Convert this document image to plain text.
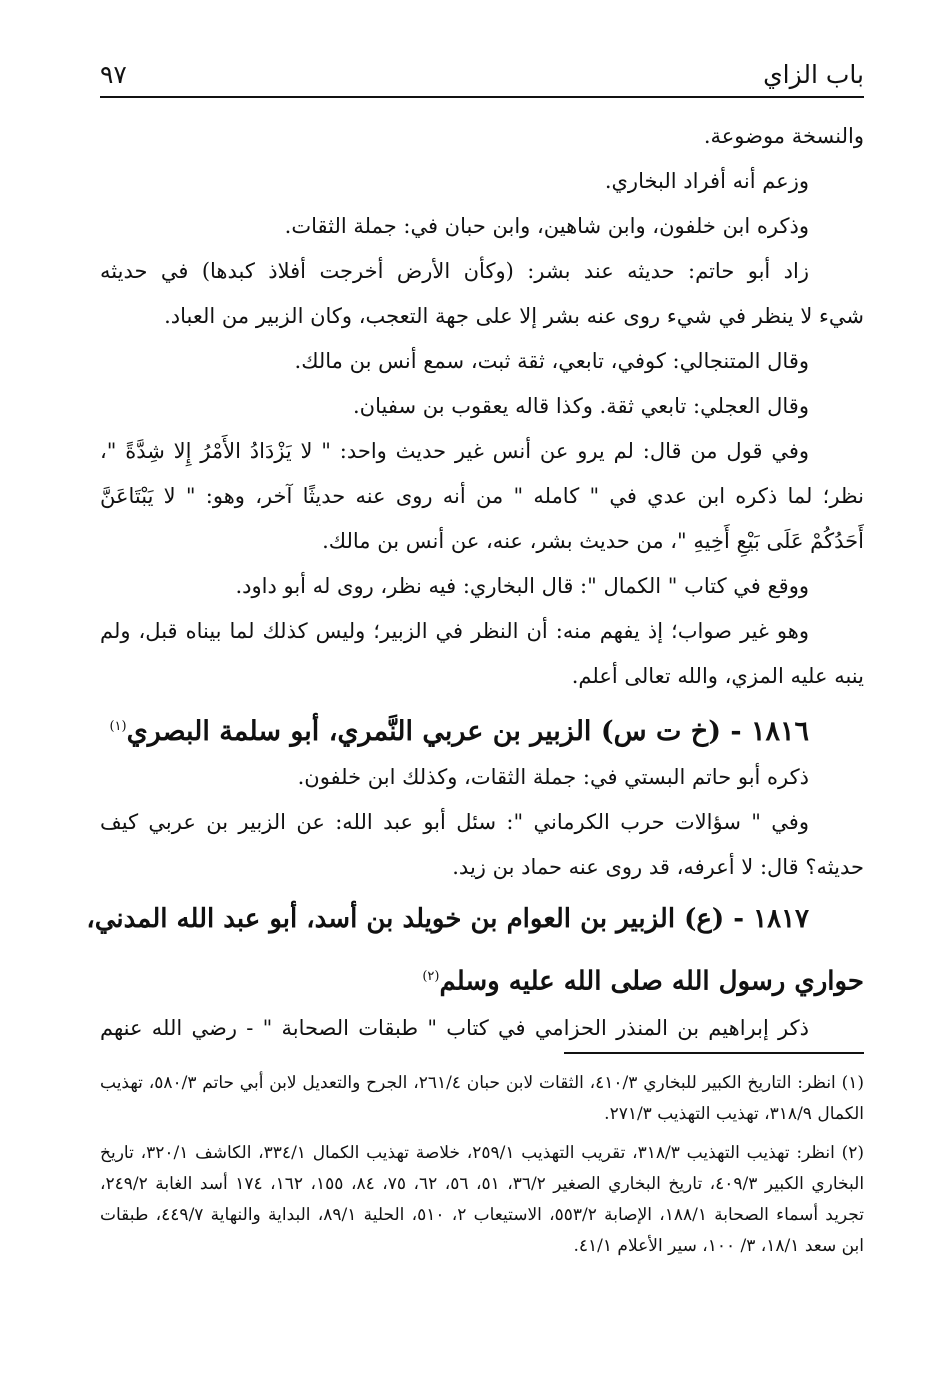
باب الزاي
٩٧
والنسخة موضوعة.
وزعم أنه أفراد البخاري.
وذكره ابن خلفون، وابن شاهين، وابن حبان في: جملة الثقات.
زاد أبو حاتم: حديثه عند بشر: (وكأن الأرض أخرجت أفلاذ كبدها) في حديثه
شيء لا ينظر في شيء روى عنه بشر إلا على جهة التعجب، وكان الزبير من العباد.
وقال المتنجالي: كوفي، تابعي، ثقة ثبت، سمع أنس بن مالك.
وقال العجلي: تابعي ثقة. وكذا قاله يعقوب بن سفيان.
وفي قول من قال: لم يرو عن أنس غير حديث واحد: " لا يَزْدَادُ الأَمْرُ إِلا شِدَّةً "،
نظر؛ لما ذكره ابن عدي في " كامله " من أنه روى عنه حديثًا آخر، وهو: " لا يَبْتَاعَنَّ
أَحَدُكُمْ عَلَى بَيْعِ أَخِيهِ "، من حديث بشر، عنه، عن أنس بن مالك.
ووقع في كتاب " الكمال ": قال البخاري: فيه نظر، روى له أبو داود.
وهو غير صواب؛ إذ يفهم منه: أن النظر في الزبير؛ وليس كذلك لما بيناه قبل، ولم
ينبه عليه المزي، والله تعالى أعلم.
١٨١٦ - (خ ت س) الزبير بن عربي النَّمري، أبو سلمة البصري$^{(١)}$
ذكره أبو حاتم البستي في: جملة الثقات، وكذلك ابن خلفون.
وفي " سؤالات حرب الكرماني ": سئل أبو عبد الله: عن الزبير بن عربي كيف
حديثه؟ قال: لا أعرفه، قد روى عنه حماد بن زيد.
١٨١٧ - (ع) الزبير بن العوام بن خويلد بن أسد، أبو عبد الله المدني،
حواري رسول الله صلى الله عليه وسلم$^{(٢)}$
ذكر إبراهيم بن المنذر الحزامي في كتاب " طبقات الصحابة " - رضي الله عنهم
(١) انظر: التاريخ الكبير للبخاري ٤١٠/٣، الثقات لابن حبان ٢٦١/٤، الجرح والتعديل لابن أبي حاتم ٥٨٠/٣، تهذيب الكمال ٣١٨/٩، تهذيب التهذيب ٢٧١/٣.
(٢) انظر: تهذيب التهذيب ٣١٨/٣، تقريب التهذيب ٢٥٩/١، خلاصة تهذيب الكمال ٣٣٤/١، الكاشف ٣٢٠/١، تاريخ البخاري الكبير ٤٠٩/٣، تاريخ البخاري الصغير ٣٦/٢، ٥١، ٥٦، ٦٢، ٧٥، ٨٤، ١٥٥، ١٦٢، ١٧٤ أسد الغابة ٢٤٩/٢، تجريد أسماء الصحابة ١٨٨/١، الإصابة ٥٥٣/٢، الاستيعاب ٢، ٥١٠، الحلية ٨٩/١، البداية والنهاية ٤٤٩/٧، طبقات ابن سعد ١٨/١، ٣/ ١٠٠، سير الأعلام ٤١/١.
